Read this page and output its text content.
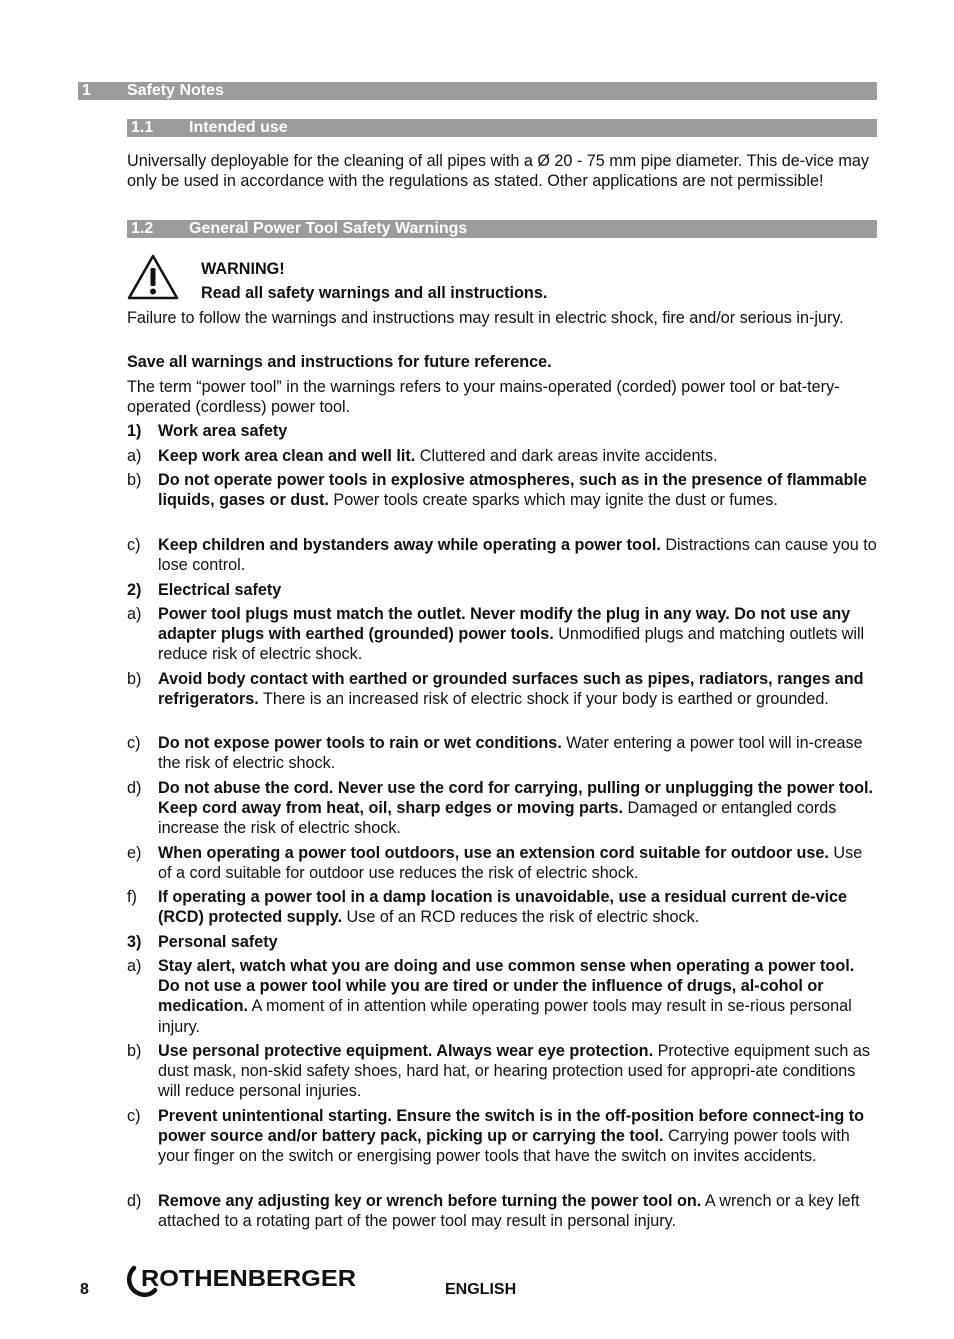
1 Safety Notes
1.1 Intended use

Universally deployable for the cleaning of all pipes with a Ø 20 - 75 mm pipe diameter. This de-vice may only be used in accordance with the regulations as stated. Other applications are not permissible!

1.2 General Power Tool Safety Warnings
WARNING!
Read all safety warnings and all instructions.

Failure to follow the warnings and instructions may result in electric shock, fire and/or serious in-jury.

Save all warnings and instructions for future reference.

The term “power tool” in the warnings refers to your mains-operated (corded) power tool or bat-tery-operated (cordless) power tool.

1) Work area safety
a) Keep work area clean and well lit. Cluttered and dark areas invite accidents.
b) Do not operate power tools in explosive atmospheres, such as in the presence of flammable liquids, gases or dust. Power tools create sparks which may ignite the dust or fumes.
c) Keep children and bystanders away while operating a power tool. Distractions can cause you to lose control.
2) Electrical safety
a) Power tool plugs must match the outlet. Never modify the plug in any way. Do not use any adapter plugs with earthed (grounded) power tools. Unmodified plugs and matching outlets will reduce risk of electric shock.
b) Avoid body contact with earthed or grounded surfaces such as pipes, radiators, ranges and refrigerators. There is an increased risk of electric shock if your body is earthed or grounded.
c) Do not expose power tools to rain or wet conditions. Water entering a power tool will in-crease the risk of electric shock.
d) Do not abuse the cord. Never use the cord for carrying, pulling or unplugging the power tool. Keep cord away from heat, oil, sharp edges or moving parts. Damaged or entangled cords increase the risk of electric shock.
e) When operating a power tool outdoors, use an extension cord suitable for outdoor use. Use of a cord suitable for outdoor use reduces the risk of electric shock.
f) If operating a power tool in a damp location is unavoidable, use a residual current de-vice (RCD) protected supply. Use of an RCD reduces the risk of electric shock.
3) Personal safety
a) Stay alert, watch what you are doing and use common sense when operating a power tool. Do not use a power tool while you are tired or under the influence of drugs, al-cohol or medication. A moment of in attention while operating power tools may result in se-rious personal injury.
b) Use personal protective equipment. Always wear eye protection. Protective equipment such as dust mask, non-skid safety shoes, hard hat, or hearing protection used for appropri-ate conditions will reduce personal injuries.
c) Prevent unintentional starting. Ensure the switch is in the off-position before connect-ing to power source and/or battery pack, picking up or carrying the tool. Carrying power tools with your finger on the switch or energising power tools that have the switch on invites accidents.
d) Remove any adjusting key or wrench before turning the power tool on. A wrench or a key left attached to a rotating part of the power tool may result in personal injury.
8 ROTHENBERGER	ENGLISH
